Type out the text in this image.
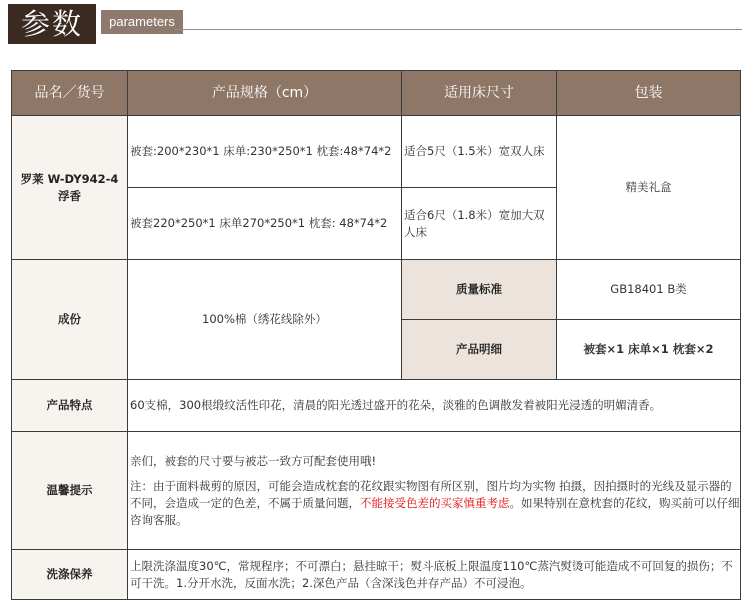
参数	parameters
品名／货号	产品规格（cm）	适用床尺寸	包装

罗莱 W-DY942-4
浮香	被套:200*230*1 床单:230*250*1 枕套:48*74*2	适合5尺（1.5米）宽双人床	精美礼盒
	被套220*250*1 床单270*250*1 枕套: 48*74*2	适合6尺（1.8米）宽加大双人床	
成份	100%棉（绣花线除外）	质量标准	GB18401 B类
		产品明细	被套×1 床单×1 枕套×2
产品特点	60支棉，300根缎纹活性印花，清晨的阳光透过盛开的花朵，淡雅的色调散发着被阳光浸透的明媚清香。		
温馨提示	亲们，被套的尺寸要与被芯一致方可配套使用哦!
注：由于面料裁剪的原因，可能会造成枕套的花纹跟实物图有所区别，图片均为实物 拍摄，因拍摄时的光线及显示器的不同，会造成一定的色差，不属于质量问题，不能接受色差的买家慎重考虑。如果特别在意枕套的花纹，购买前可以仔细咨询客服。		

洗涤保养	上限洗涤温度30℃，常规程序；不可漂白；悬挂晾干；熨斗底板上限温度110℃蒸汽熨烫可能造成不可回复的损伤；不可干洗。1.分开水洗，反面水洗；2.深色产品（含深浅色并存产品）不可浸泡。		
